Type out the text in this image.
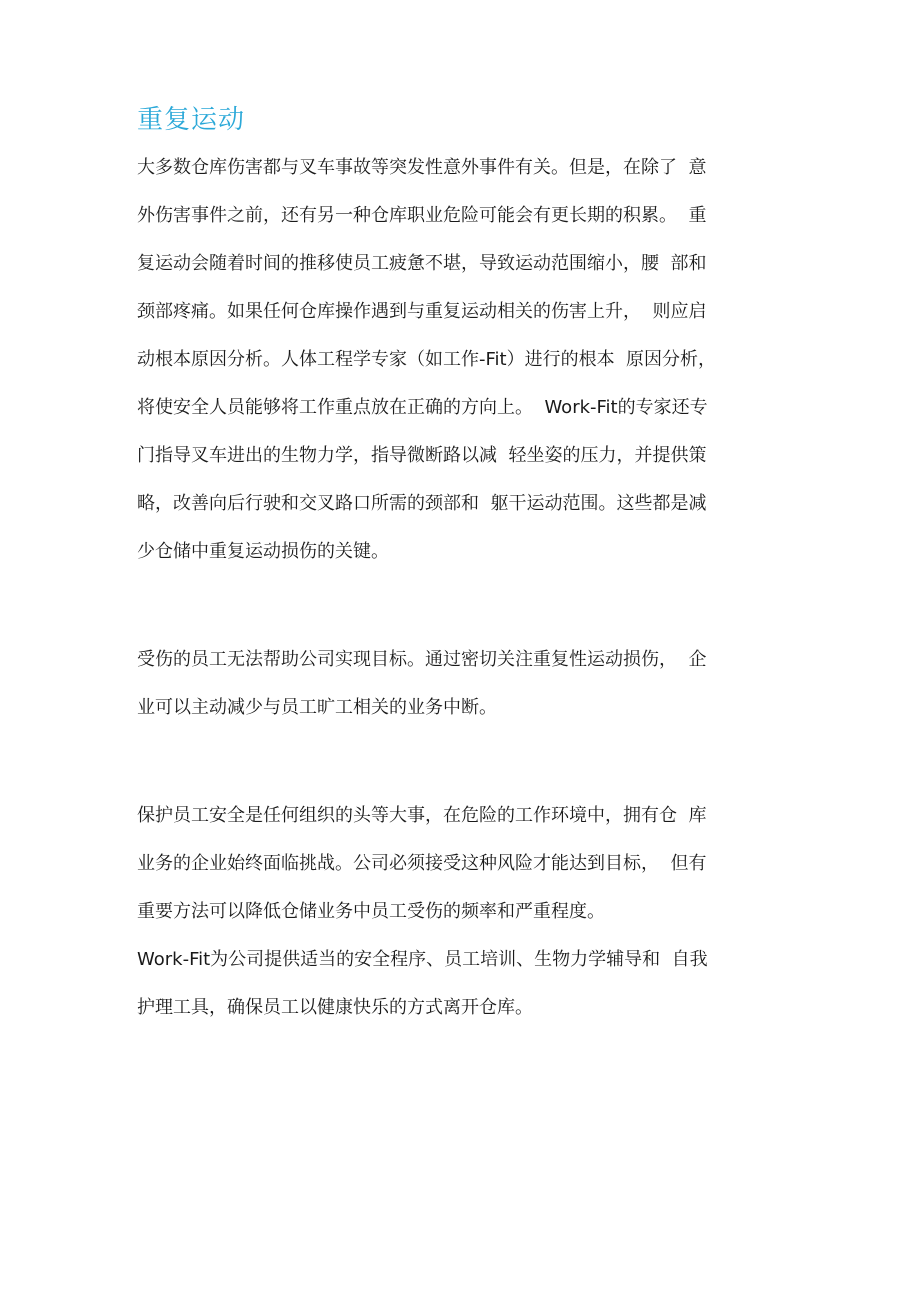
重复运动
大多数仓库伤害都与叉车事故等突发性意外事件有关。但是，在除了  意
外伤害事件之前，还有另一种仓库职业危险可能会有更长期的积累。  重
复运动会随着时间的推移使员工疲惫不堪，导致运动范围缩小，腰  部和
颈部疼痛。如果任何仓库操作遇到与重复运动相关的伤害上升，  则应启
动根本原因分析。人体工程学专家（如工作-Fit）进行的根本  原因分析，
将使安全人员能够将工作重点放在正确的方向上。  Work-Fit的专家还专
门指导叉车进出的生物力学，指导微断路以减  轻坐姿的压力，并提供策
略，改善向后行驶和交叉路口所需的颈部和  躯干运动范围。这些都是减
少仓储中重复运动损伤的关键。
受伤的员工无法帮助公司实现目标。通过密切关注重复性运动损伤，  企
业可以主动减少与员工旷工相关的业务中断。
保护员工安全是任何组织的头等大事，在危险的工作环境中，拥有仓  库
业务的企业始终面临挑战。公司必须接受这种风险才能达到目标，  但有
重要方法可以降低仓储业务中员工受伤的频率和严重程度。
Work-Fit为公司提供适当的安全程序、员工培训、生物力学辅导和  自我
护理工具，确保员工以健康快乐的方式离开仓库。
